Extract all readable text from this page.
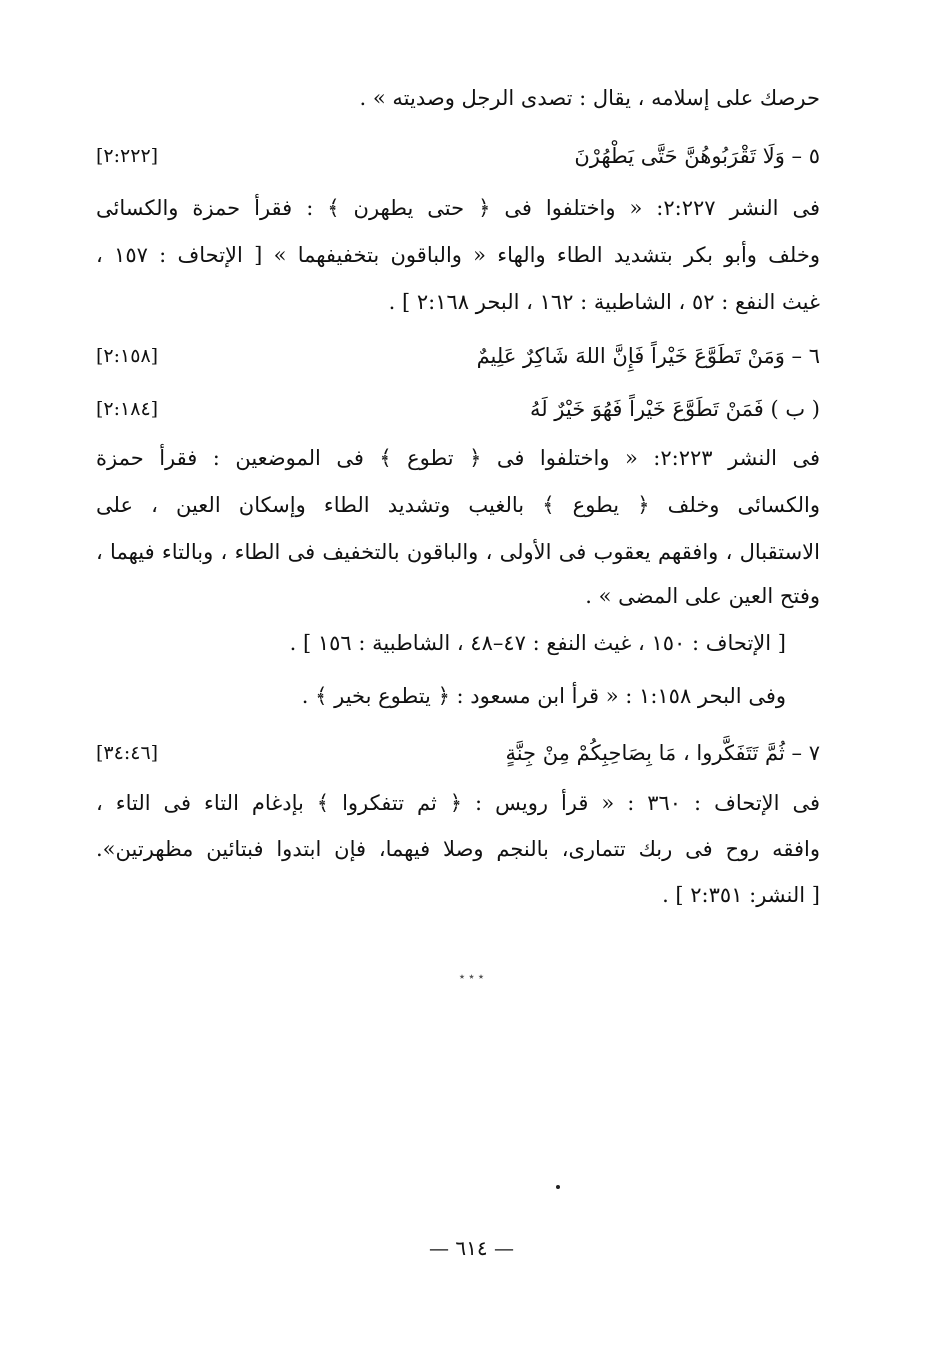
حرصك على إسلامه ، يقال : تصدى الرجل وصديته » .
٥ – وَلَا تَقْرَبُوهُنَّ حَتَّى يَطْهُرْنَ
[٢:٢٢٢]
فى النشر ٢:٢٢٧: « واختلفوا فى ﴿ حتى يطهرن ﴾ : فقرأ حمزة والكسائى
وخلف وأبو بكر بتشديد الطاء والهاء « والباقون بتخفيفهما » [ الإتحاف : ١٥٧ ،
غيث النفع : ٥٢ ، الشاطبية : ١٦٢ ، البحر ٢:١٦٨ ] .
٦ – وَمَنْ تَطَوَّعَ خَيْراً فَإِنَّ اللهَ شَاكِرٌ عَلِيمٌ
[٢:١٥٨]
( ب ) فَمَنْ تَطَوَّعَ خَيْراً فَهُوَ خَيْرٌ لَهُ
[٢:١٨٤]
فى النشر ٢:٢٢٣: « واختلفوا فى ﴿ تطوع ﴾ فى الموضعين : فقرأ حمزة
والكسائى وخلف ﴿ يطوع ﴾ بالغيب وتشديد الطاء وإسكان العين ، على
الاستقبال ، وافقهم يعقوب فى الأولى ، والباقون بالتخفيف فى الطاء ، وبالتاء فيهما ،
وفتح العين على المضى » .
[ الإتحاف : ١٥٠ ، غيث النفع : ٤٧–٤٨ ، الشاطبية : ١٥٦ ] .
وفى البحر ١:١٥٨ : « قرأ ابن مسعود : ﴿ يتطوع بخير ﴾ .
٧ – ثُمَّ تَتَفَكَّروا ، مَا بِصَاحِبِكُمْ مِنْ جِنَّةٍ
[٣٤:٤٦]
فى الإتحاف : ٣٦٠ : « قرأ رويس : ﴿ ثم تتفكروا ﴾ بإدغام التاء فى التاء ،
وافقه روح فى ربك تتمارى، بالنجم وصلا فيهما، فإن ابتدوا فبتائين مظهرتين».
[ النشر: ٢:٣٥١ ] .
٭ ٭ ٭
— ٦١٤ —
